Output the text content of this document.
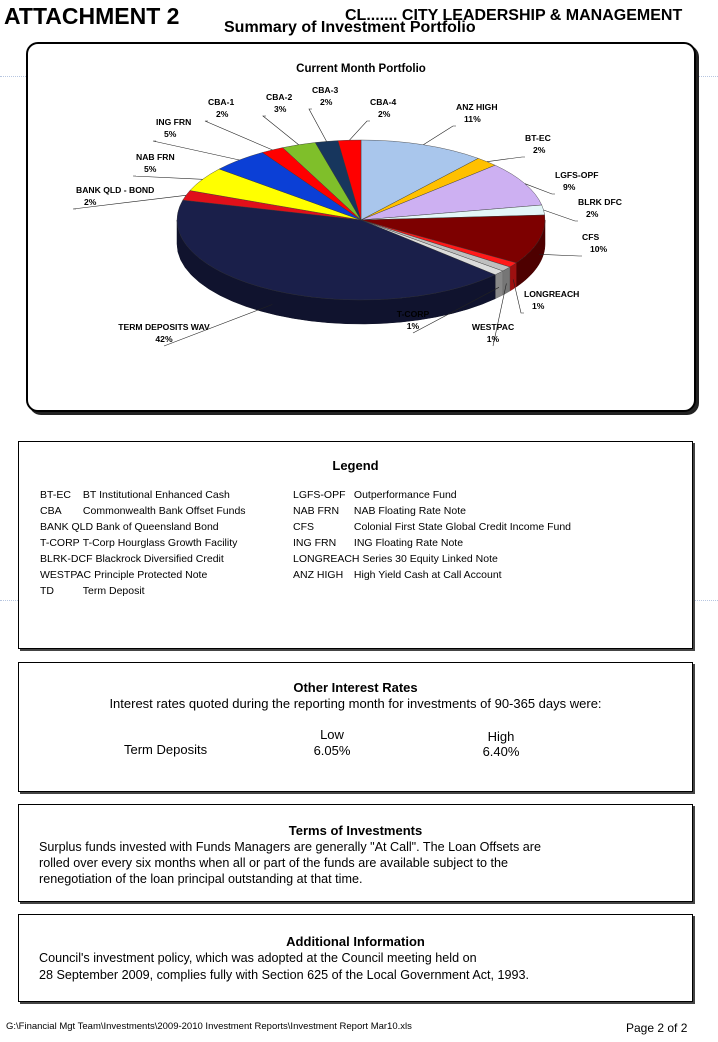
ATTACHMENT 2	CL....... CITY LEADERSHIP & MANAGEMENT
Summary of Investment Portfolio
Current Month Portfolio
ANZ HIGH
11%
BT-EC
2%
LGFS-OPF
9%
BLRK DFC
2%
CFS
10%
LONGREACH
1%
WESTPAC
1%
T-CORP
1%
TERM DEPOSITS WAV
42%
BANK QLD - BOND
2%
NAB FRN
5%
ING FRN
5%
CBA-1
2%
CBA-2
3%
CBA-3
2%	CBA-4
2%
Legend
BT-EC BT Institutional Enhanced Cash
CBA Commonwealth Bank Offset Funds
BANK QLD Bank of Queensland Bond
T-CORP T-Corp Hourglass Growth Facility
BLRK-DCF Blackrock Diversified Credit
WESTPAC Principle Protected Note
TD	Term Deposit
LGFS-OPF Outperformance Fund
NAB FRN NAB Floating Rate Note
CFS	Colonial First State Global Credit Income Fund
ING FRN ING Floating Rate Note
LONGREACH Series 30 Equity Linked Note
ANZ HIGH High Yield Cash at Call Account
Other Interest Rates
Interest rates quoted during the reporting month for investments of 90-365 days were:
Low	High
Term Deposits	6.05%	6.40%
Terms of Investments
Surplus funds invested with Funds Managers are generally "At Call". The Loan Offsets are
rolled over every six months when all or part of the funds are available subject to the
renegotiation of the loan principal outstanding at that time.
Additional Information
Council's investment policy, which was adopted at the Council meeting held on
28 September 2009, complies fully with Section 625 of the Local Government Act, 1993.
G:\Financial Mgt Team\Investments\2009-2010 Investment Reports\Investment Report Mar10.xls	Page 2 of 2
